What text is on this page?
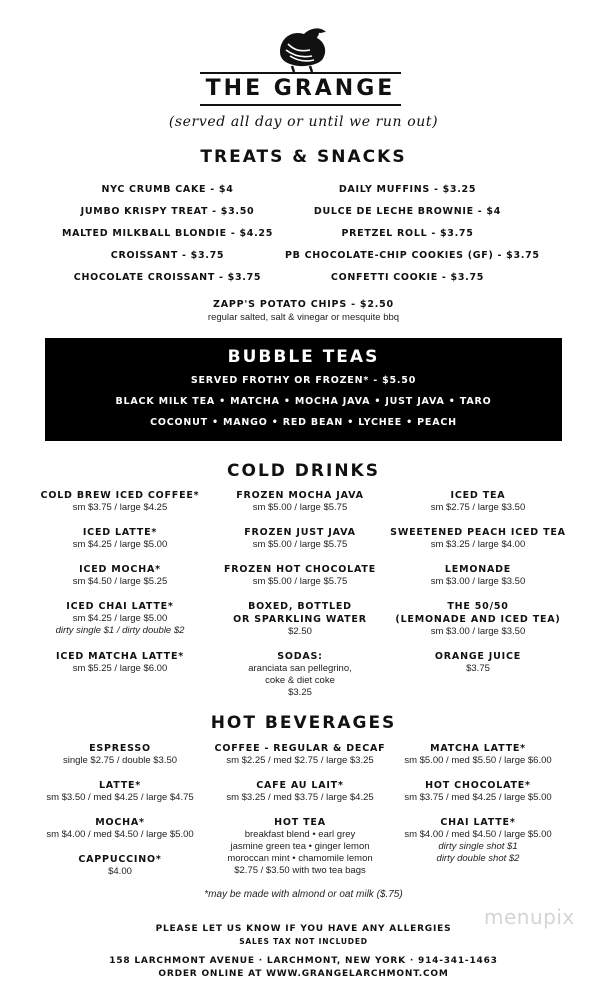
THE GRANGE
(served all day or until we run out)
TREATS & SNACKS
NYC CRUMB CAKE - $4
JUMBO KRISPY TREAT - $3.50
MALTED MILKBALL BLONDIE - $4.25
CROISSANT - $3.75
CHOCOLATE CROISSANT - $3.75
DAILY MUFFINS - $3.25
DULCE DE LECHE BROWNIE - $4
PRETZEL ROLL - $3.75
PB CHOCOLATE-CHIP COOKIES (GF) - $3.75
CONFETTI COOKIE - $3.75
ZAPP'S POTATO CHIPS - $2.50
regular salted, salt & vinegar or mesquite bbq
BUBBLE TEAS
SERVED FROTHY OR FROZEN* - $5.50
BLACK MILK TEA • MATCHA • MOCHA JAVA • JUST JAVA • TARO
COCONUT • MANGO • RED BEAN • LYCHEE • PEACH
COLD DRINKS
COLD BREW ICED COFFEE*
sm $3.75 / large $4.25
ICED LATTE*
sm $4.25 / large $5.00
ICED MOCHA*
sm $4.50 / large $5.25
ICED CHAI LATTE*
sm $4.25 / large $5.00
dirty single $1 / dirty double $2
ICED MATCHA LATTE*
sm $5.25 / large $6.00
FROZEN MOCHA JAVA
sm $5.00 / large $5.75
FROZEN JUST JAVA
sm $5.00 / large $5.75
FROZEN HOT CHOCOLATE
sm $5.00 / large $5.75
BOXED, BOTTLED
OR SPARKLING WATER
$2.50
SODAS:
aranciata san pellegrino,
coke & diet coke
$3.25
ICED TEA
sm $2.75 / large $3.50
SWEETENED PEACH ICED TEA
sm $3.25 / large $4.00
LEMONADE
sm $3.00 / large $3.50
THE 50/50
(LEMONADE AND ICED TEA)
sm $3.00 / large $3.50
ORANGE JUICE
$3.75
HOT BEVERAGES
ESPRESSO
single $2.75 / double $3.50
LATTE*
sm $3.50 / med $4.25 / large $4.75
MOCHA*
sm $4.00 / med $4.50 / large $5.00
CAPPUCCINO*
$4.00
COFFEE - REGULAR & DECAF
sm $2.25 / med $2.75 / large $3.25
CAFE AU LAIT*
sm $3.25 / med $3.75 / large $4.25
HOT TEA
breakfast blend • earl grey
jasmine green tea • ginger lemon
moroccan mint • chamomile lemon
$2.75 / $3.50 with two tea bags
MATCHA LATTE*
sm $5.00 / med $5.50 / large $6.00
HOT CHOCOLATE*
sm $3.75 / med $4.25 / large $5.00
CHAI LATTE*
sm $4.00 / med $4.50 / large $5.00
dirty single shot $1
dirty double shot $2
*may be made with almond or oat milk ($.75)
PLEASE LET US KNOW IF YOU HAVE ANY ALLERGIES
SALES TAX NOT INCLUDED
158 LARCHMONT AVENUE · LARCHMONT, NEW YORK · 914-341-1463
ORDER ONLINE AT WWW.GRANGELARCHMONT.COM
menupix
